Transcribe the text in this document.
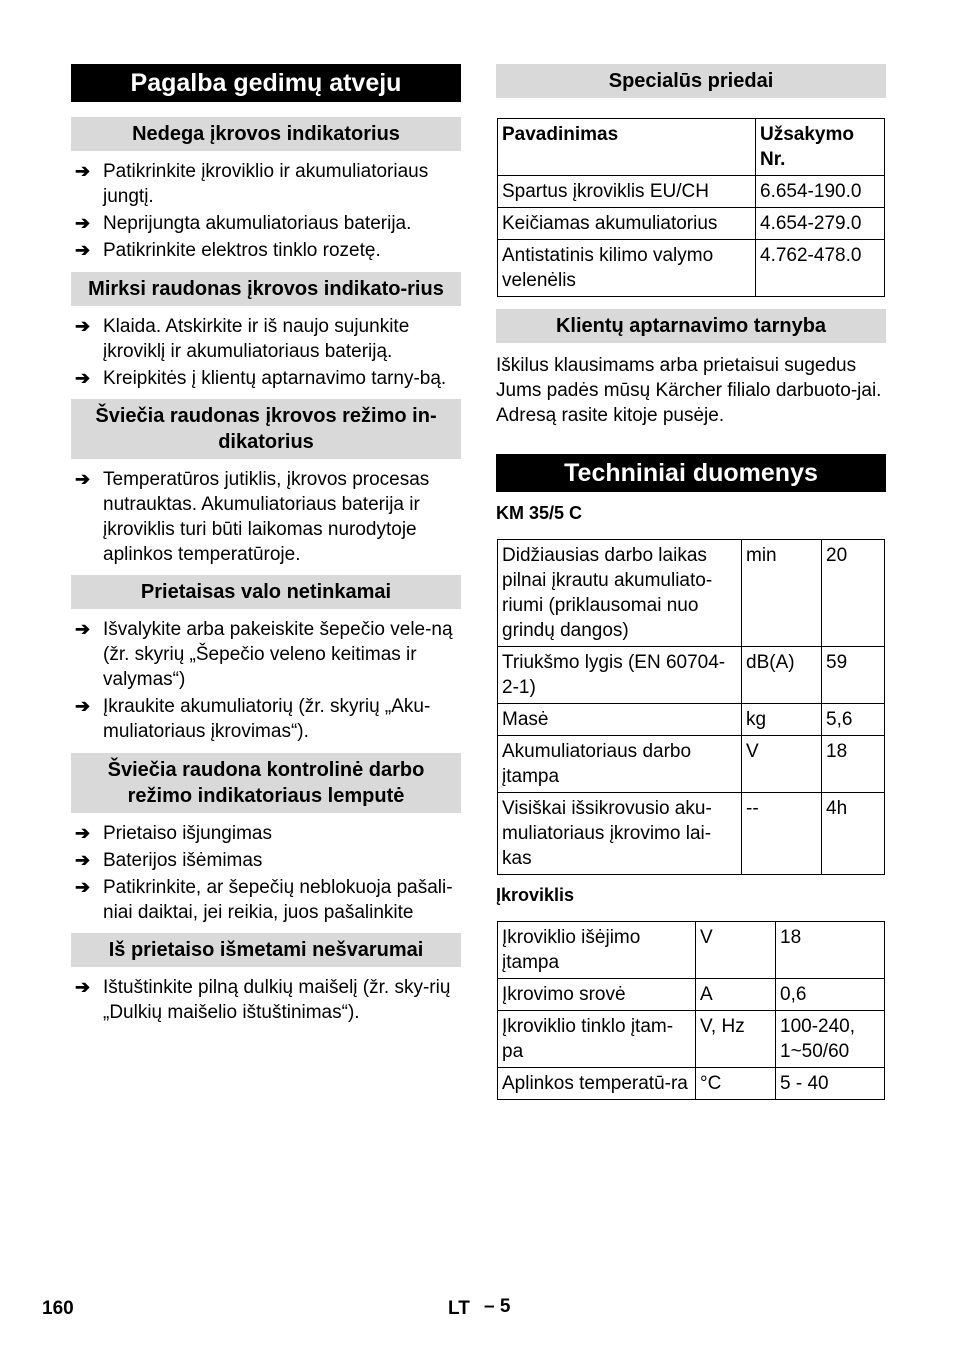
Pagalba gedimų atveju
Nedega įkrovos indikatorius
➔ Patikrinkite įkroviklio ir akumuliatoriaus jungtį.
➔ Neprijungta akumuliatoriaus baterija.
➔ Patikrinkite elektros tinklo rozetę.
Mirksi raudonas įkrovos indikato-rius
➔ Klaida. Atskirkite ir iš naujo sujunkite įkroviklį ir akumuliatoriaus bateriją.
➔ Kreipkitės į klientų aptarnavimo tarny-bą.
Šviečia raudonas įkrovos režimo in-dikatorius
➔ Temperatūros jutiklis, įkrovos procesas nutrauktas. Akumuliatoriaus baterija ir įkroviklis turi būti laikomas nurodytoje aplinkos temperatūroje.
Prietaisas valo netinkamai
➔ Išvalykite arba pakeiskite šepečio vele-ną (žr. skyrių „Šepečio veleno keitimas ir valymas“)
➔ Įkraukite akumuliatorių (žr. skyrių „Aku-muliatoriaus įkrovimas“).
Šviečia raudona kontrolinė darbo režimo indikatoriaus lemputė
➔ Prietaiso išjungimas
➔ Baterijos išėmimas
➔ Patikrinkite, ar šepečių neblokuoja pašali-niai daiktai, jei reikia, juos pašalinkite
Iš prietaiso išmetami nešvarumai
➔ Ištuštinkite pilną dulkių maišelį (žr. sky-rių „Dulkių maišelio ištuštinimas“).
Specialūs priedai
Pavadinimas	Užsakymo Nr.
Spartus įkroviklis EU/CH	6.654-190.0
Keičiamas akumuliatorius	4.654-279.0
Antistatinis kilimo valymo velenėlis	4.762-478.0
Klientų aptarnavimo tarnyba
Iškilus klausimams arba prietaisui sugedus Jums padės mūsų Kärcher filialo darbuoto-jai. Adresą rasite kitoje pusėje.
Techniniai duomenys
KM 35/5 C
Didžiausias darbo laikas pilnai įkrautu akumuliato-riumi (priklausomai nuo grindų dangos)	min	20
Triukšmo lygis (EN 60704-2-1)	dB(A)	59
Masė	kg	5,6
Akumuliatoriaus darbo įtampa	V	18
Visiškai išsikrovusio aku-muliatoriaus įkrovimo lai-kas	--	4h
Įkroviklis
Įkroviklio išėjimo įtampa	V	18
Įkrovimo srovė	A	0,6
Įkroviklio tinklo įtam-pa	V, Hz	100-240, 1~50/60
Aplinkos temperatū-ra	°C	5 - 40
160	LT – 5
